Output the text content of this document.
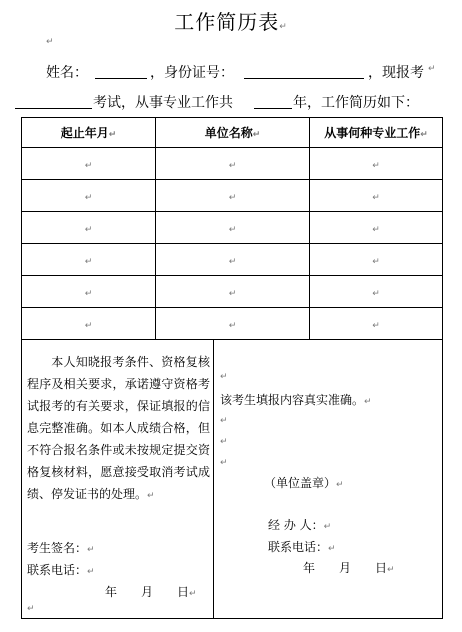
工作简历表↵
↵
姓名：	，身份证号：	，现报考 ↵
考试，从事专业工作共	年，工作简历如下：
起止年月↵	单位名称↵	从事何种专业工作↵
↵	↵	↵
↵	↵	↵
↵	↵	↵
↵	↵	↵
↵	↵	↵
↵	↵	↵
本人知晓报考条件、资格复核程序及相关要求，承诺遵守资格考试报考的有关要求，保证填报的信息完整准确。如本人成绩合格，但不符合报名条件或未按规定提交资格复核材料，愿意接受取消考试成绩、停发证书的处理。↵
考生签名：↵
联系电话：↵
年　　月　　日↵
↵
↵
该考生填报内容真实准确。↵
↵
↵
↵
（单位盖章）↵
经 办 人：↵
联系电话：↵
年　　月　　日↵
